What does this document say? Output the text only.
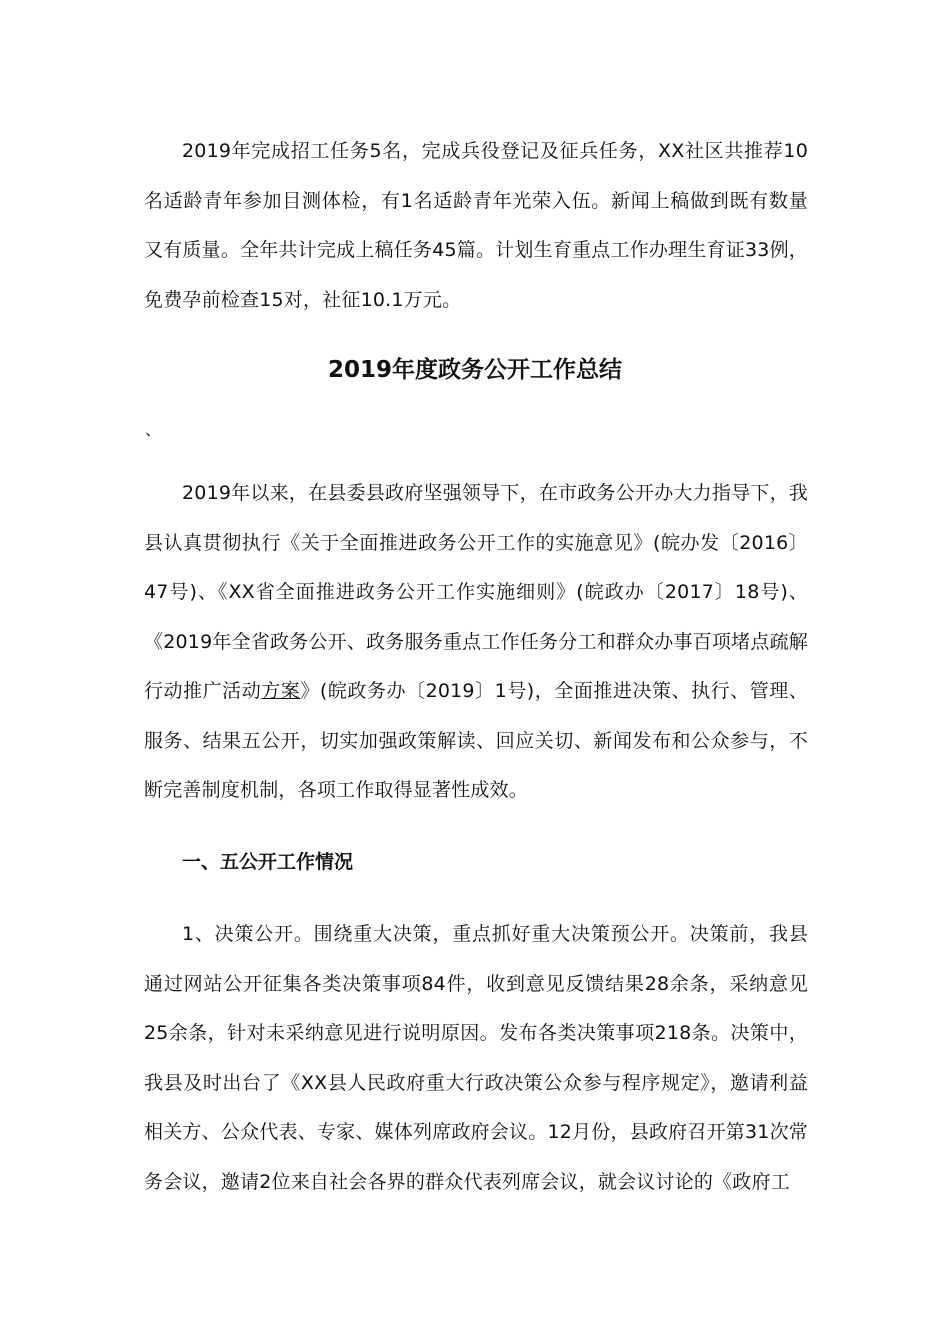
2019年完成招工任务5名，完成兵役登记及征兵任务，XX社区共推荐10名适龄青年参加目测体检，有1名适龄青年光荣入伍。新闻上稿做到既有数量又有质量。全年共计完成上稿任务45篇。计划生育重点工作办理生育证33例，免费孕前检查15对，社征10.1万元。

2019年度政务公开工作总结
、

2019年以来，在县委县政府坚强领导下，在市政务公开办大力指导下，我县认真贯彻执行《关于全面推进政务公开工作的实施意见》(皖办发〔2016〕47号)、《XX省全面推进政务公开工作实施细则》(皖政办〔2017〕18号)、《2019年全省政务公开、政务服务重点工作任务分工和群众办事百项堵点疏解行动推广活动方案》(皖政务办〔2019〕1号)，全面推进决策、执行、管理、服务、结果五公开，切实加强政策解读、回应关切、新闻发布和公众参与，不断完善制度机制，各项工作取得显著性成效。

一、五公开工作情况

1、决策公开。围绕重大决策，重点抓好重大决策预公开。决策前，我县通过网站公开征集各类决策事项84件，收到意见反馈结果28余条，采纳意见25余条，针对未采纳意见进行说明原因。发布各类决策事项218条。决策中，我县及时出台了《XX县人民政府重大行政决策公众参与程序规定》，邀请利益相关方、公众代表、专家、媒体列席政府会议。12月份，县政府召开第31次常务会议，邀请2位来自社会各界的群众代表列席会议，就会议讨论的《政府工
